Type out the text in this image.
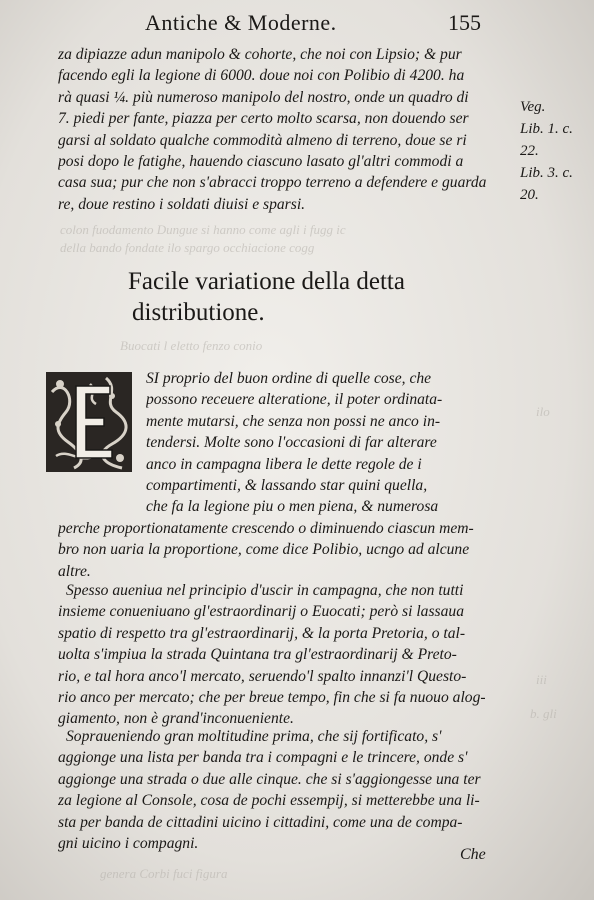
colon fuodamento Dungue si hanno come agli i fugg ic
della bando fondate ilo spargo occhiacione cogg
Buocati l eletto fenzo conio
ilo
iii
b. gli
genera Corbi fuci figura
Antiche & Moderne.	155
za dipiazze adun manipolo & cohorte, che noi con Lipsio; & pur
facendo egli la legione di 6000. doue noi con Polibio di 4200. ha
rà quasi ¼. più numeroso manipolo del nostro, onde un quadro di
7. piedi per fante, piazza per certo molto scarsa, non douendo ser
garsi al soldato qualche commodità almeno di terreno, doue se ri
posi dopo le fatighe, hauendo ciascuno lasato gl'altri commodi a
casa sua; pur che non s'abracci troppo terreno a defendere e guarda
re, doue restino i soldati diuisi e sparsi.
Veg.
Lib. 1. c.
22.
Lib. 3. c.
20.
Facile variatione della detta
distributione.
SI proprio del buon ordine di quelle cose, che
possono receuere alteratione, il poter ordinata-
mente mutarsi, che senza non possi ne anco in-
tendersi. Molte sono l'occasioni di far alterare
anco in campagna libera le dette regole de i
compartimenti, & lassando star quini quella,
che fa la legione piu o men piena, & numerosa
perche proportionatamente crescendo o diminuendo ciascun mem-
bro non uaria la proportione, come dice Polibio, ucngo ad alcune
altre.
Spesso aueniua nel principio d'uscir in campagna, che non tutti
insieme conueniuano gl'estraordinarij o Euocati; però si lassaua
spatio di respetto tra gl'estraordinarij, & la porta Pretoria, o tal-
uolta s'impiua la strada Quintana tra gl'estraordinarij & Preto-
rio, e tal hora anco'l mercato, seruendo'l spalto innanzi'l Questo-
rio anco per mercato; che per breue tempo, fin che si fa nuouo alog-
giamento, non è grand'inconueniente.
Sopraueniendo gran moltitudine prima, che sij fortificato, s'
aggionge una lista per banda tra i compagni e le trincere, onde s'
aggionge una strada o due alle cinque. che si s'aggiongesse una ter
za legione al Console, cosa de pochi essempij, si metterebbe una li-
sta per banda de cittadini uicino i cittadini, come una de compa-
gni uicino i compagni.
Che
